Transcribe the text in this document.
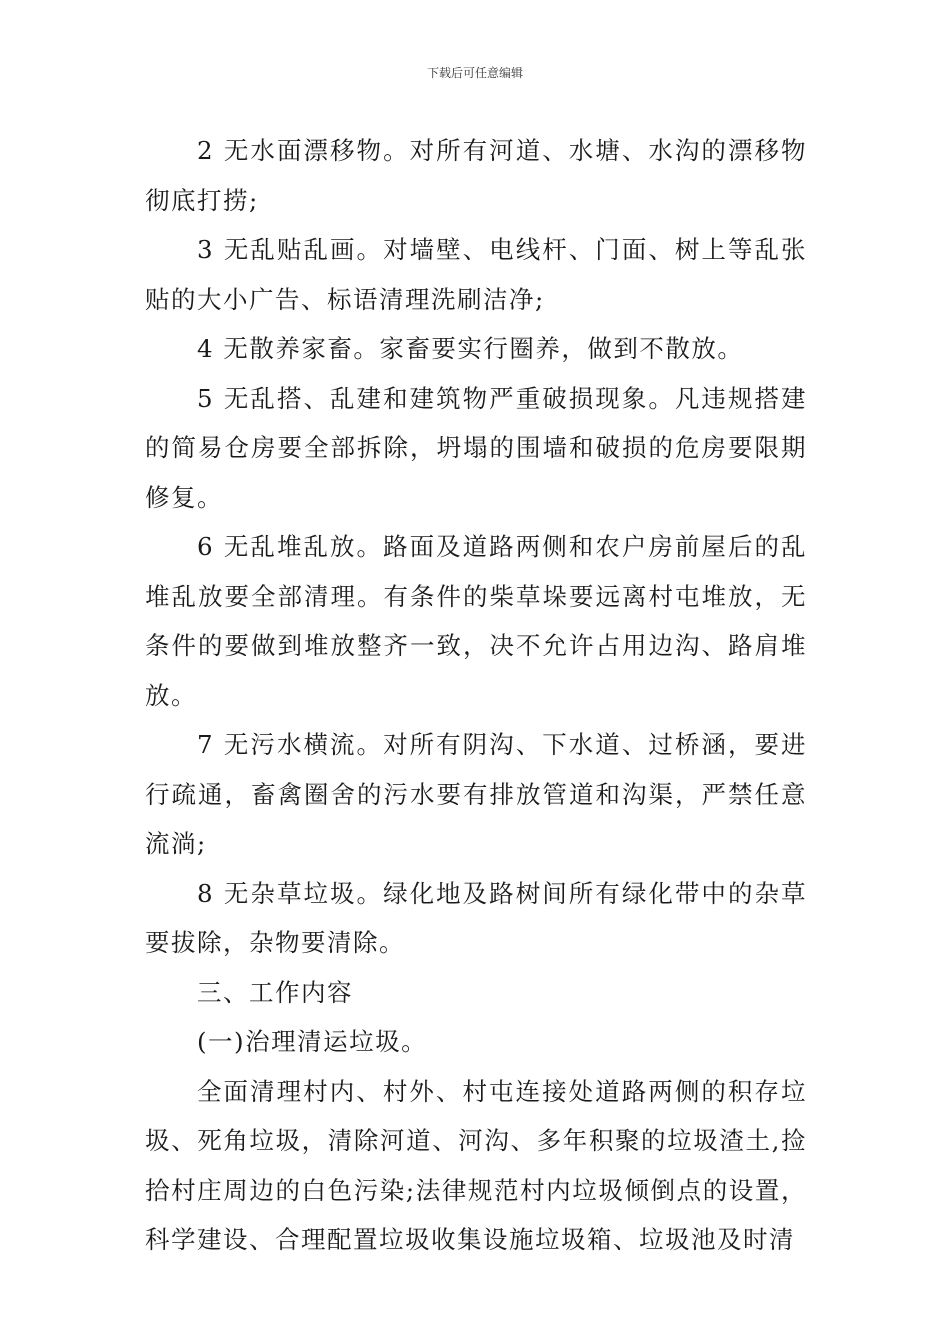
下载后可任意编辑

2 无水面漂移物。对所有河道、水塘、水沟的漂移物彻底打捞;

3 无乱贴乱画。对墙壁、电线杆、门面、树上等乱张贴的大小广告、标语清理洗刷洁净;

4 无散养家畜。家畜要实行圈养，做到不散放。

5 无乱搭、乱建和建筑物严重破损现象。凡违规搭建的简易仓房要全部拆除，坍塌的围墙和破损的危房要限期修复。

6 无乱堆乱放。路面及道路两侧和农户房前屋后的乱堆乱放要全部清理。有条件的柴草垛要远离村屯堆放，无条件的要做到堆放整齐一致，决不允许占用边沟、路肩堆放。

7 无污水横流。对所有阴沟、下水道、过桥涵，要进行疏通，畜禽圈舍的污水要有排放管道和沟渠，严禁任意流淌;

8 无杂草垃圾。绿化地及路树间所有绿化带中的杂草要拔除，杂物要清除。

三、工作内容

(一)治理清运垃圾。

全面清理村内、村外、村屯连接处道路两侧的积存垃圾、死角垃圾，清除河道、河沟、多年积聚的垃圾渣土,捡拾村庄周边的白色污染;法律规范村内垃圾倾倒点的设置，科学建设、合理配置垃圾收集设施垃圾箱、垃圾池及时清
